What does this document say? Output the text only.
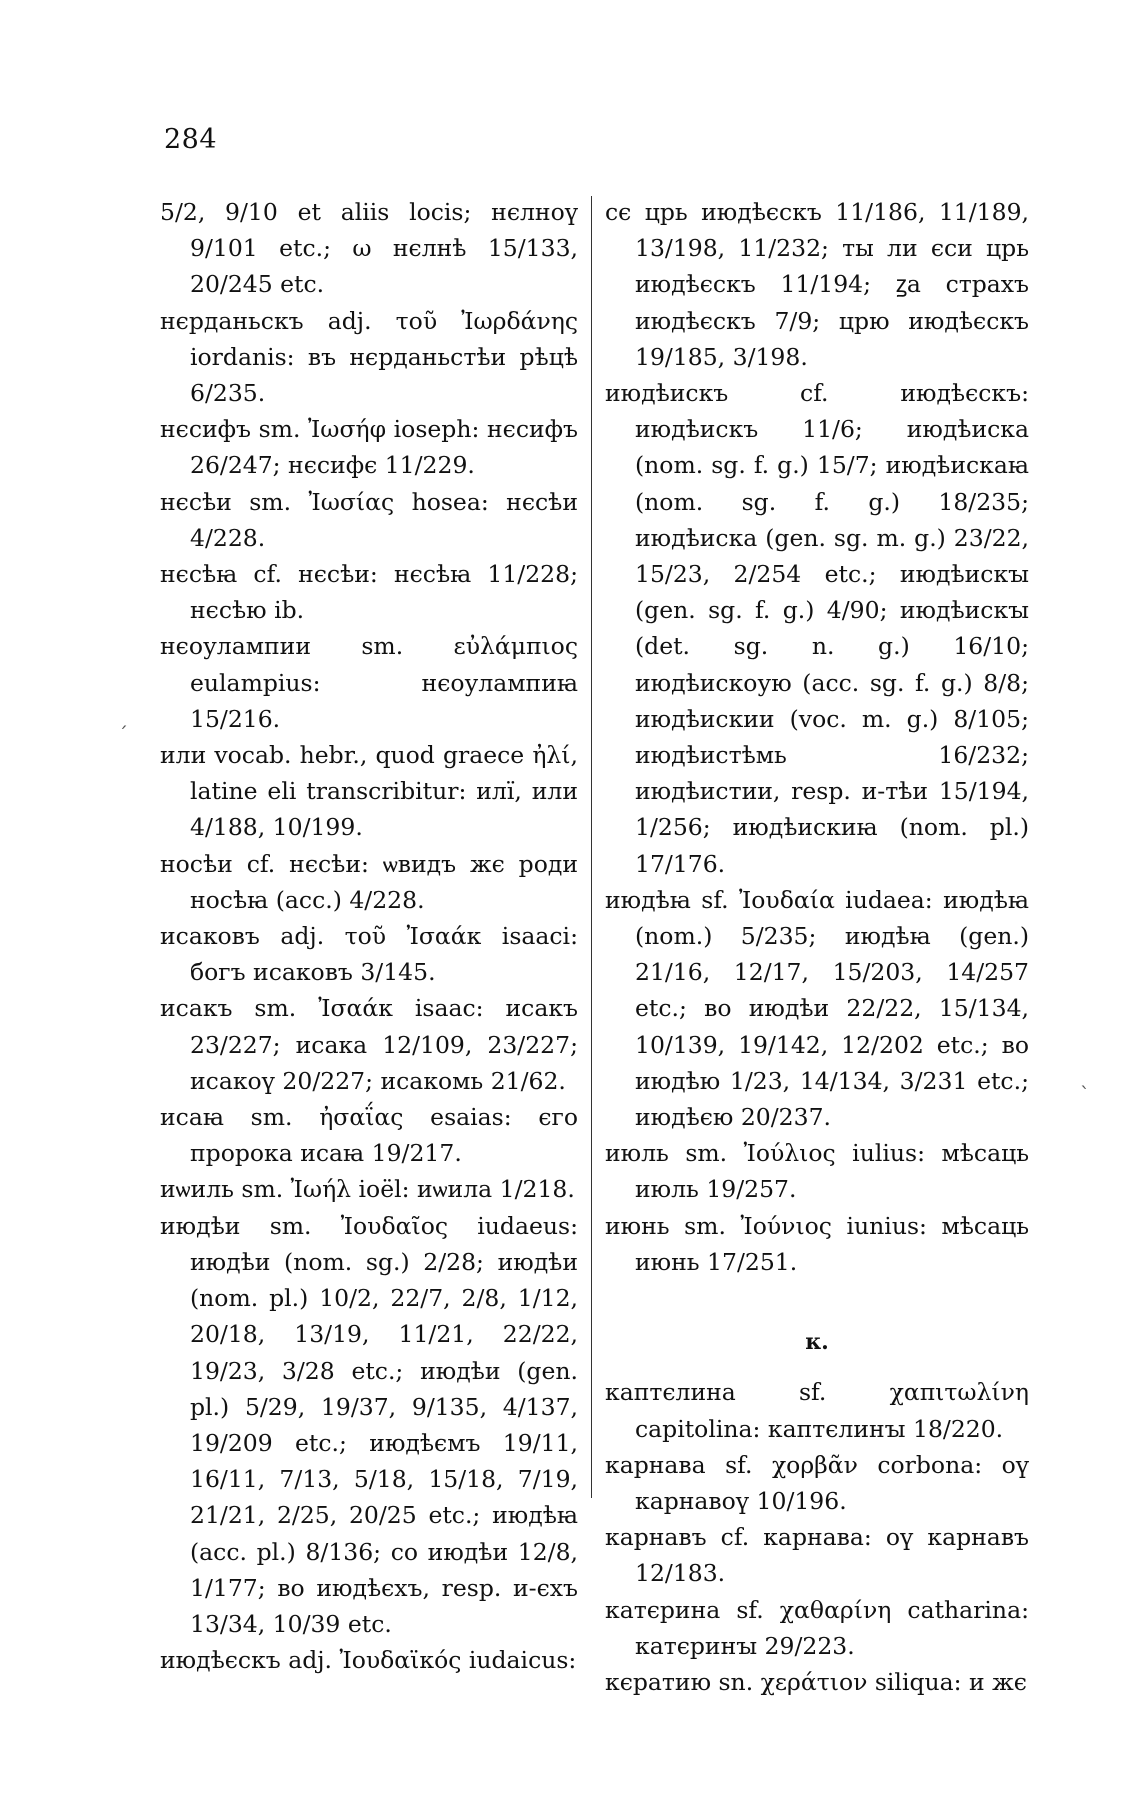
284

5/2, 9/10 et aliis locis; нєлноү 9/101 etc.; ω нєлнѣ 15/133, 20/245 etc.

нєрданьскъ adj. τοῦ Ἰωρδάνης iordanis: въ нєрданьстѣи рѣцѣ 6/235.

нєсифъ sm. Ἰωσήφ ioseph: нєсифъ 26/247; нєсифє 11/229.

нєсѣи sm. Ἰωσίας hosea: нєсѣи 4/228.

нєсѣꙗ cf. нєсѣи: нєсѣꙗ 11/228; нєсѣю ib.

нєоулампии sm. εὐλάμπιος eulampius: нєоулампиꙗ 15/216.

или vocab. hebr., quod graece ἠλί, latine eli transcribitur: илї, или 4/188, 10/199.

носѣи cf. нєсѣи: ѡвидъ жє роди носѣꙗ (acc.) 4/228.

исаковъ adj. τοῦ Ἰσαάκ isaaci: богъ исаковъ 3/145.

исакъ sm. Ἰσαάκ isaac: исакъ 23/227; исака 12/109, 23/227; исакоү 20/227; исакомь 21/62.

исаꙗ sm. ἠσαΐας esaias: єго пророка исаꙗ 19/217.

иѡиль sm. Ἰωήλ ioël: иѡила 1/218.

июдѣи sm. Ἰουδαῖος iudaeus: июдѣи (nom. sg.) 2/28; июдѣи (nom. pl.) 10/2, 22/7, 2/8, 1/12, 20/18, 13/19, 11/21, 22/22, 19/23, 3/28 etc.; июдѣи (gen. pl.) 5/29, 19/37, 9/135, 4/137, 19/209 etc.; июдѣємъ 19/11, 16/11, 7/13, 5/18, 15/18, 7/19, 21/21, 2/25, 20/25 etc.; июдѣꙗ (acc. pl.) 8/136; со июдѣи 12/8, 1/177; во июдѣєхъ, resp. и-єхъ 13/34, 10/39 etc.

июдѣєскъ adj. Ἰουδαϊκός iudaicus:

сє црь июдѣєскъ 11/186, 11/189, 13/198, 11/232; ты ли єси црь июдѣєскъ 11/194; ꙁа страхъ июдѣєскъ 7/9; црю июдѣєскъ 19/185, 3/198.

июдѣискъ cf. июдѣєскъ: июдѣискъ 11/6; июдѣиска (nom. sg. f. g.) 15/7; июдѣискаꙗ (nom. sg. f. g.) 18/235; июдѣиска (gen. sg. m. g.) 23/22, 15/23, 2/254 etc.; июдѣискꙑ (gen. sg. f. g.) 4/90; июдѣискꙑ (det. sg. n. g.) 16/10; июдѣискоую (acc. sg. f. g.) 8/8; июдѣискии (voc. m. g.) 8/105; июдѣистѣмь 16/232; июдѣистии, resp. и-тѣи 15/194, 1/256; июдѣискиꙗ (nom. pl.) 17/176.

июдѣꙗ sf. Ἰουδαία iudaea: июдѣꙗ (nom.) 5/235; июдѣꙗ (gen.) 21/16, 12/17, 15/203, 14/257 etc.; во июдѣи 22/22, 15/134, 10/139, 19/142, 12/202 etc.; во июдѣю 1/23, 14/134, 3/231 etc.; июдѣєю 20/237.

июль sm. Ἰούλιος iulius: мѣсаць июль 19/257.

июнь sm. Ἰούνιος iunius: мѣсаць июнь 17/251.

к.

каптєлина sf. χαπιτωλίνη capitolina: каптєлинꙑ 18/220.

карнава sf. χορβᾶν corbona: оү карнавоү 10/196.

карнавъ cf. карнава: оү карнавъ 12/183.

катєрина sf. χαθαρίνη catharina: катєринꙑ 29/223.

кєратию sn. χεράτιον siliqua: и жє

ˊ
ˋ
